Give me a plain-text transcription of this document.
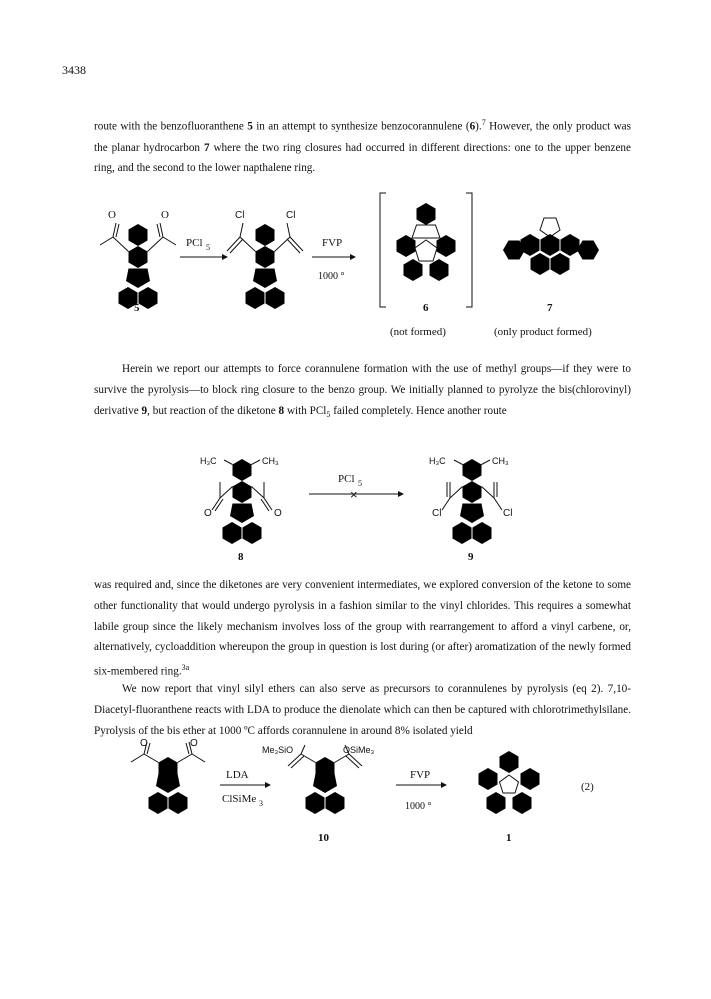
3438

route with the benzofluoranthene 5 in an attempt to synthesize benzocorannulene (6).$^7$ However, the only product was the planar hydrocarbon 7 where the two ring closures had occurred in different directions: one to the upper benzene ring, and the second to the lower napthalene ring.

O	O
PCl 5
Cl	Cl
FVP
1000 °
5	6	7
(not formed)	(only product formed)

Herein we report our attempts to force corannulene formation with the use of methyl groups—if they were to survive the pyrolysis—to block ring closure to the benzo group. We initially planned to pyrolyze the bis(chlorovinyl) derivative 9, but reaction of the diketone 8 with PCl$_5$ failed completely. Hence another route

H₃C	CH₃
O	O
PCl 5
×
H₃C	CH₃
Cl	Cl
8	9

was required and, since the diketones are very convenient intermediates, we explored conversion of the ketone to some other functionality that would undergo pyrolysis in a fashion similar to the vinyl chlorides. This requires a somewhat labile group since the likely mechanism involves loss of the group with rearrangement to afford a vinyl carbene, or, alternatively, cycloaddition whereupon the group in question is lost during (or after) aromatization of the newly formed six-membered ring.$^{3a}$

We now report that vinyl silyl ethers can also serve as precursors to corannulenes by pyrolysis (eq 2). 7,10-Diacetyl-fluoranthene reacts with LDA to produce the dienolate which can then be captured with chlorotrimethylsilane. Pyrolysis of the bis ether at 1000 ºC affords corannulene in around 8% isolated yield

O	O
LDA
ClSiMe 3
Me₃SiO	OSiMe₃
FVP
1000 °
(2)
10	1
